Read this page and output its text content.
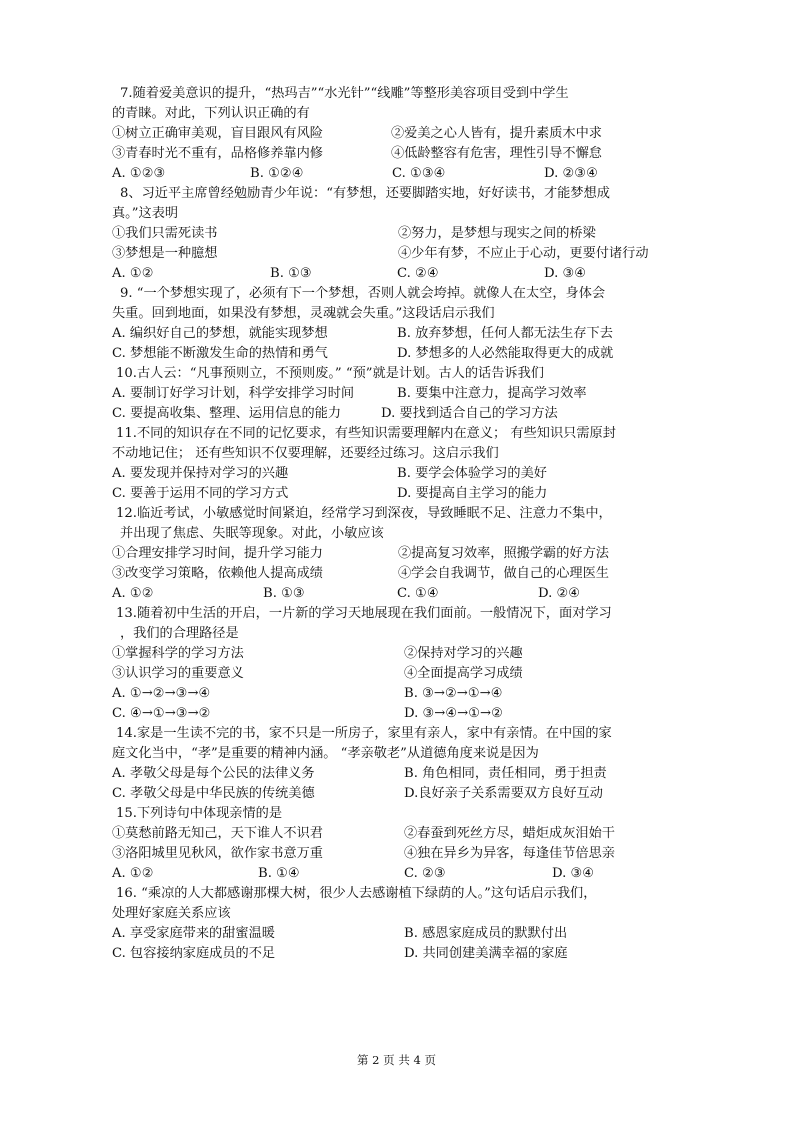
7.随着爱美意识的提升，“热玛吉”“水光针”“线雕”等整形美容项目受到中学生
的青睐。对此，下列认识正确的有
①树立正确审美观，盲目跟风有风险	②爱美之心人皆有，提升素质木中求
③青春时光不重有，品格修养靠内修	④低龄整容有危害，理性引导不懈怠
A. ①②③	B. ①②④	C. ①③④	D. ②③④
8、习近平主席曾经勉励青少年说：“有梦想，还要脚踏实地，好好读书，才能梦想成
真。”这表明
①我们只需死读书	②努力，是梦想与现实之间的桥梁
③梦想是一种臆想	④少年有梦，不应止于心动，更要付诸行动
A. ①②	B. ①③	C. ②④	D. ③④
9. “一个梦想实现了，必须有下一个梦想，否则人就会垮掉。就像人在太空，身体会
失重。回到地面，如果没有梦想，灵魂就会失重。”这段话启示我们
A. 编织好自己的梦想，就能实现梦想	B. 放弃梦想，任何人都无法生存下去
C. 梦想能不断激发生命的热情和勇气	D. 梦想多的人必然能取得更大的成就
10.古人云：“凡事预则立，不预则废。” “预”就是计划。古人的话告诉我们
A. 要制订好学习计划，科学安排学习时间	B. 要集中注意力，提高学习效率
C. 要提高收集、整理、运用信息的能力	D. 要找到适合自己的学习方法
11.不同的知识存在不同的记忆要求，有些知识需要理解内在意义； 有些知识只需原封
不动地记住； 还有些知识不仅要理解，还要经过练习。这启示我们
A. 要发现并保持对学习的兴趣	B. 要学会体验学习的美好
C. 要善于运用不同的学习方式	D. 要提高自主学习的能力
12.临近考试，小敏感觉时间紧迫，经常学习到深夜，导致睡眠不足、注意力不集中，
并出现了焦虑、失眠等现象。对此，小敏应该
①合理安排学习时间，提升学习能力	②提高复习效率，照搬学霸的好方法
③改变学习策略，依赖他人提高成绩	④学会自我调节，做自己的心理医生
A. ①②	B. ①③	C. ①④	D. ②④
13.随着初中生活的开启，一片新的学习天地展现在我们面前。一般情况下，面对学习
，我们的合理路径是
①掌握科学的学习方法	②保持对学习的兴趣
③认识学习的重要意义	④全面提高学习成绩
A. ①→②→③→④	B. ③→②→①→④
C. ④→①→③→②	D. ③→④→①→②
14.家是一生读不完的书，家不只是一所房子，家里有亲人，家中有亲情。在中国的家
庭文化当中，“孝”是重要的精神内涵。 “孝亲敬老”从道德角度来说是因为
A. 孝敬父母是每个公民的法律义务	B. 角色相同，责任相同，勇于担责
C. 孝敬父母是中华民族的传统美德	D.良好亲子关系需要双方良好互动
15.下列诗句中体现亲情的是
①莫愁前路无知己，天下谁人不识君	②春蚕到死丝方尽，蜡炬成灰泪始干
③洛阳城里见秋风，欲作家书意万重	④独在异乡为异客，每逢佳节倍思亲
A. ①②	B. ①④	C. ②③	D. ③④
16. “乘凉的人大都感谢那棵大树，很少人去感谢植下绿荫的人。”这句话启示我们，
处理好家庭关系应该
A. 享受家庭带来的甜蜜温暖	B. 感恩家庭成员的默默付出
C. 包容接纳家庭成员的不足	D. 共同创建美满幸福的家庭
第 2 页 共 4 页
